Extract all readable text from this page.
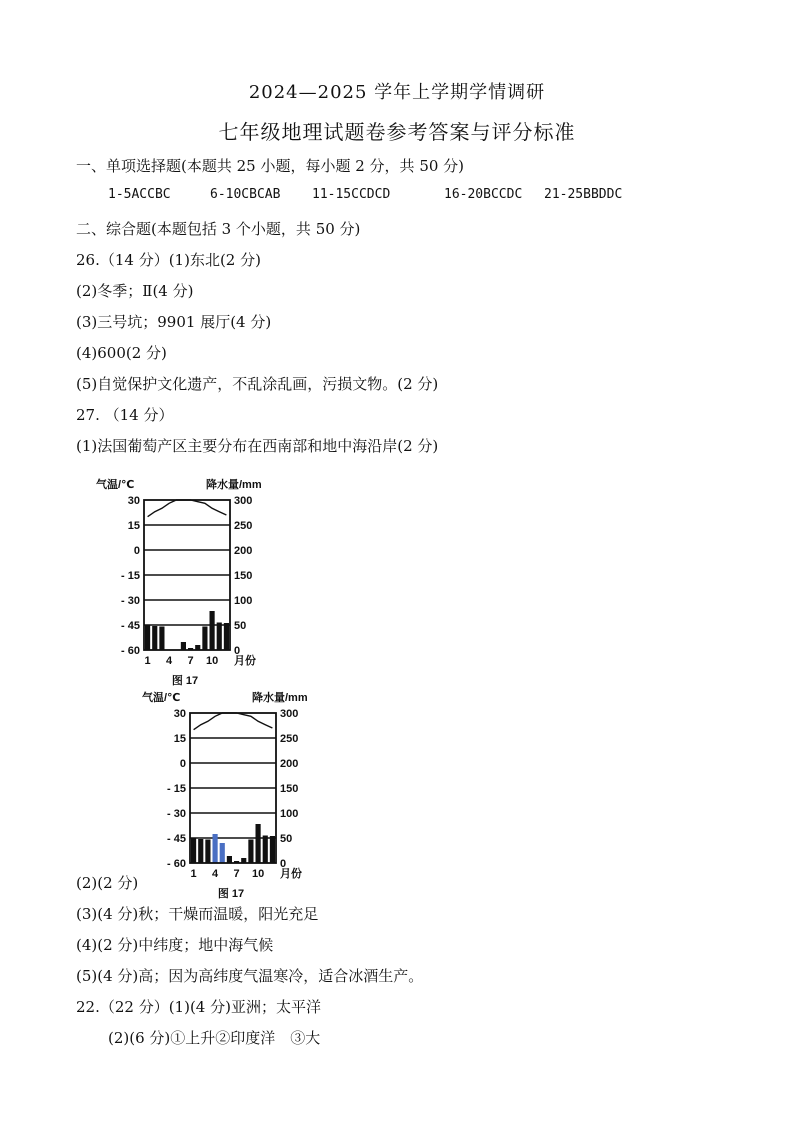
2024—2025 学年上学期学情调研
七年级地理试题卷参考答案与评分标准
一、单项选择题(本题共 25 小题，每小题 2 分，共 50 分)
1-5ACCBC	6-10CBCAB 11-15CCDCD	16-20BCCDC 21-25BBDDC
二、综合题(本题包括 3 个小题，共 50 分)
26.（14 分）(1)东北(2 分)
(2)冬季；Ⅱ(4 分)
(3)三号坑；9901 展厅(4 分)
(4)600(2 分)
(5)自觉保护文化遗产，不乱涂乱画，污损文物。(2 分)
27. （14 分）
(1)法国葡萄产区主要分布在西南部和地中海沿岸(2 分)
气温/℃	降水量/mm
30	300
15	250
0	200
- 15	150
- 30	100
- 45	50
- 60	0
1 4 7 10 月份
图 17
气温/℃	降水量/mm
30	300
15	250
0	200
- 15	150
- 30	100
- 45	50
- 60	0
1 4 7 10 月份
图 17
(2)(2 分)
(3)(4 分)秋；干燥而温暖，阳光充足
(4)(2 分)中纬度；地中海气候
(5)(4 分)高；因为高纬度气温寒冷，适合冰酒生产。
22.（22 分）(1)(4 分)亚洲；太平洋
(2)(6 分)①上升②印度洋　③大
